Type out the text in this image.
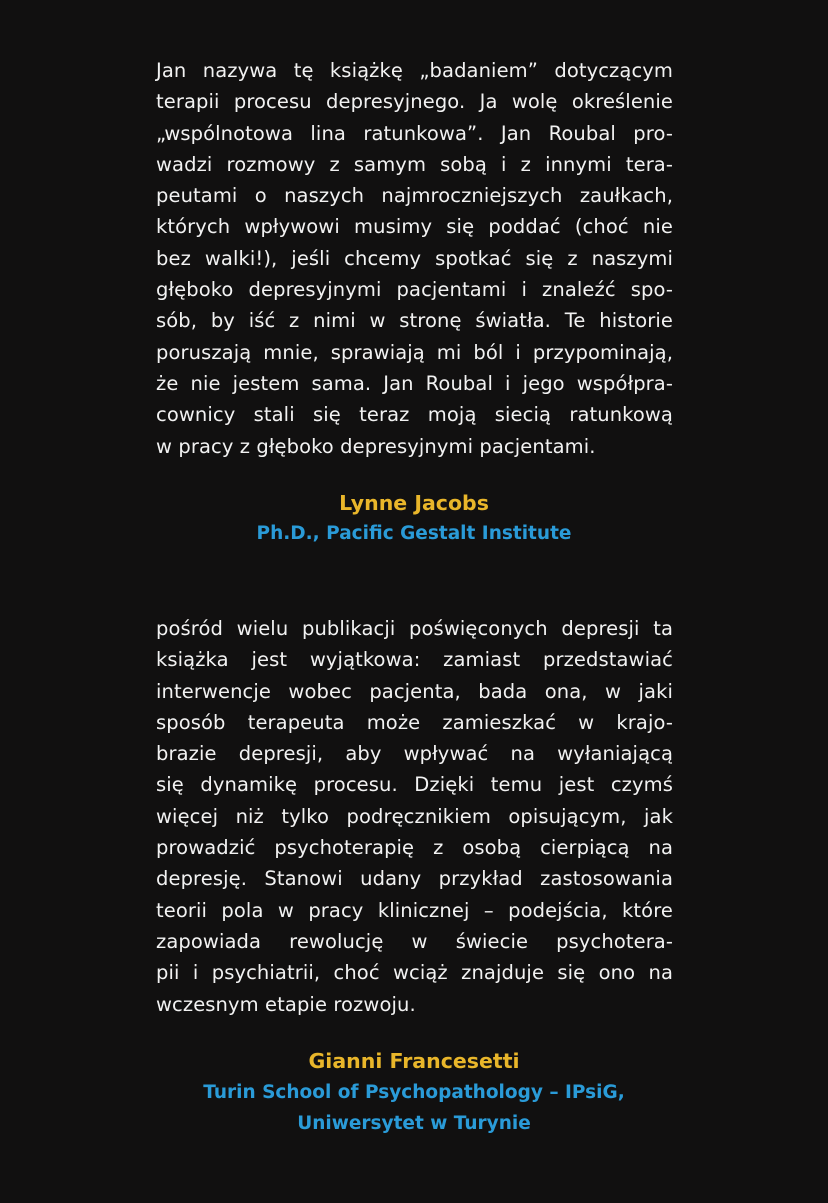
Jan nazywa tę książkę „badaniem” dotyczącym
terapii procesu depresyjnego. Ja wolę określenie
„wspólnotowa lina ratunkowa”. Jan Roubal pro-
wadzi rozmowy z samym sobą i z innymi tera-
peutami o naszych najmroczniejszych zaułkach,
których wpływowi musimy się poddać (choć nie
bez walki!), jeśli chcemy spotkać się z naszymi
głęboko depresyjnymi pacjentami i znaleźć spo-
sób, by iść z nimi w stronę światła. Te historie
poruszają mnie, sprawiają mi ból i przypominają,
że nie jestem sama. Jan Roubal i jego współpra-
cownicy stali się teraz moją siecią ratunkową
w pracy z głęboko depresyjnymi pacjentami.
Lynne Jacobs
Ph.D., Pacific Gestalt Institute
pośród wielu publikacji poświęconych depresji ta
książka jest wyjątkowa: zamiast przedstawiać
interwencje wobec pacjenta, bada ona, w jaki
sposób terapeuta może zamieszkać w krajo-
brazie depresji, aby wpływać na wyłaniającą
się dynamikę procesu. Dzięki temu jest czymś
więcej niż tylko podręcznikiem opisującym, jak
prowadzić psychoterapię z osobą cierpiącą na
depresję. Stanowi udany przykład zastosowania
teorii pola w pracy klinicznej – podejścia, które
zapowiada rewolucję w świecie psychotera-
pii i psychiatrii, choć wciąż znajduje się ono na
wczesnym etapie rozwoju.
Gianni Francesetti
Turin School of Psychopathology – IPsiG,
Uniwersytet w Turynie
